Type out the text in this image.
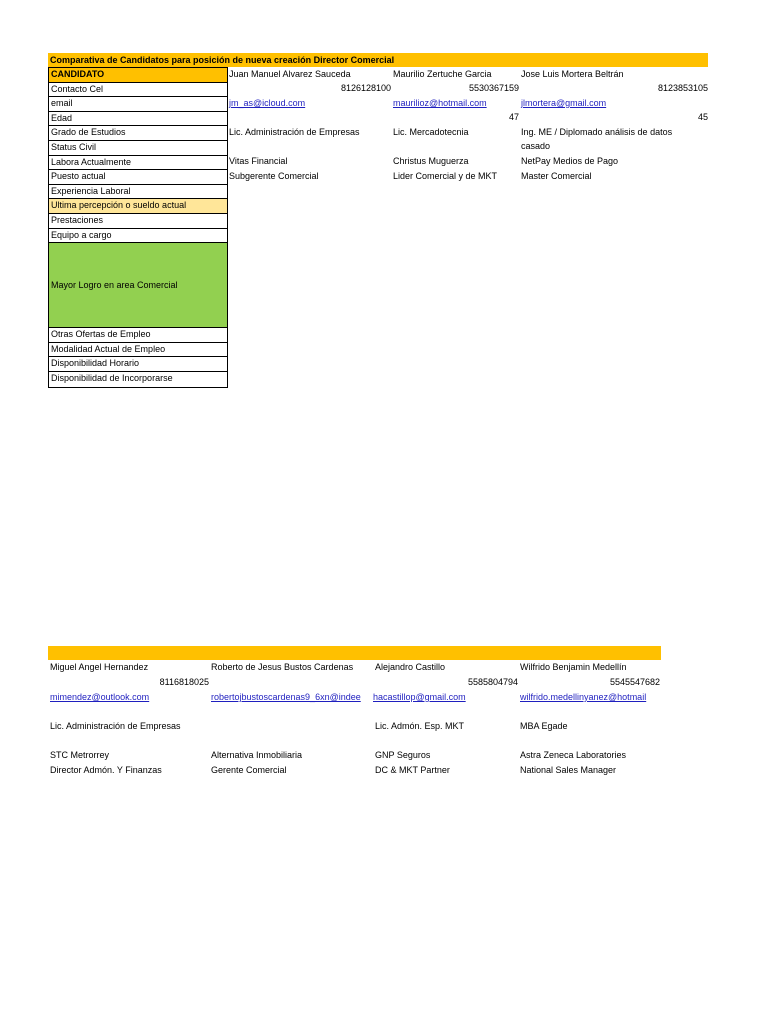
Comparativa de Candidatos para posición de nueva creación Director Comercial
CANDIDATO
Contacto Cel
email
Edad
Grado de Estudios
Status Civil
Labora Actualmente
Puesto actual
Experiencia Laboral
Ultima percepción o sueldo actual
Prestaciones
Equipo a cargo
Mayor Logro en area Comercial
Otras Ofertas de Empleo
Modalidad Actual de Empleo
Disponibilidad Horario
Disponibilidad de Incorporarse
Juan Manuel Alvarez Sauceda
8126128100
jm_as@icloud.com
Lic. Administración de Empresas
Vitas Financial
Subgerente Comercial
Maurilio Zertuche Garcia
5530367159
maurilioz@hotmail.com
47
Lic. Mercadotecnia
Christus Muguerza
Lider Comercial y de MKT
Jose Luis Mortera Beltrán
8123853105
jlmortera@gmail.com
45
Ing. ME / Diplomado análisis de datos
casado
NetPay Medios de Pago
Master Comercial
Miguel Angel Hernandez
8116818025
mimendez@outlook.com
Lic. Administración de Empresas
STC Metrorrey
Director Admón. Y Finanzas
Roberto de Jesus Bustos Cardenas
robertojbustoscardenas9_6xn@indee
Alternativa Inmobiliaria
Gerente Comercial
Alejandro Castillo
5585804794
hacastillop@gmail.com
Lic. Admón. Esp. MKT
GNP Seguros
DC & MKT Partner
Wilfrido Benjamin Medellín
5545547682
wilfrido.medellinyanez@hotmail
MBA Egade
Astra Zeneca Laboratories
National Sales Manager
